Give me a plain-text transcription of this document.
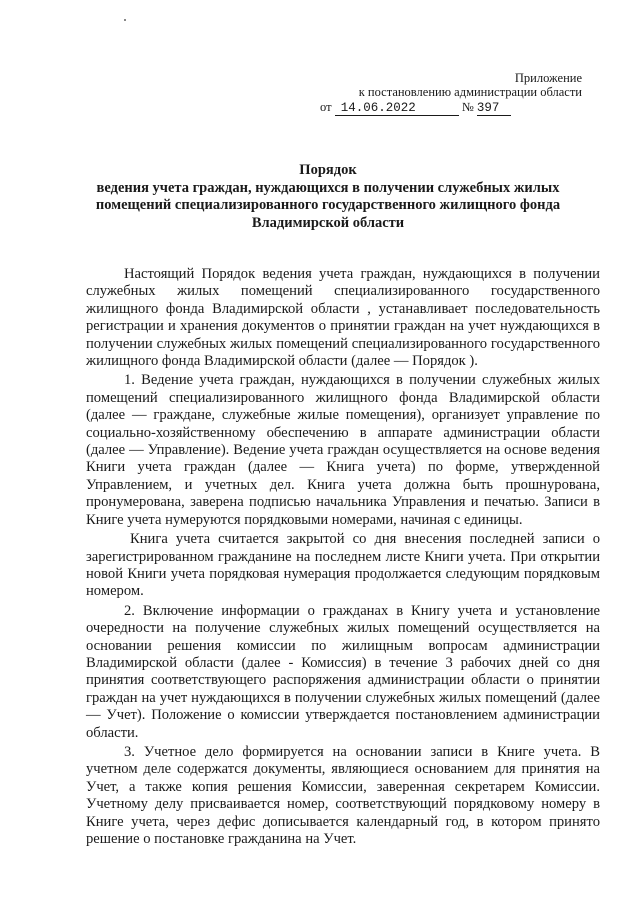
Приложение
к постановлению администрации области
от 14.06.2022	№ 397
Порядок
ведения учета граждан, нуждающихся в получении служебных жилых помещений специализированного государственного жилищного фонда Владимирской области

Настоящий Порядок ведения учета граждан, нуждающихся в получении служебных жилых помещений специализированного государственного жилищного фонда Владимирской области , устанавливает последовательность регистрации и хранения документов о принятии граждан на учет нуждающихся в получении служебных жилых помещений специализированного государственного жилищного фонда Владимирской области (далее — Порядок ).

1. Ведение учета граждан, нуждающихся в получении служебных жилых помещений специализированного жилищного фонда Владимирской области (далее — граждане, служебные жилые помещения), организует управление по социально-хозяйственному обеспечению в аппарате администрации области (далее — Управление). Ведение учета граждан осуществляется на основе ведения Книги учета граждан (далее — Книга учета) по форме, утвержденной Управлением, и учетных дел. Книга учета должна быть прошнурована, пронумерована, заверена подписью начальника Управления и печатью. Записи в Книге учета нумеруются порядковыми номерами, начиная с единицы.

Книга учета считается закрытой со дня внесения последней записи о зарегистрированном гражданине на последнем листе Книги учета. При открытии новой Книги учета порядковая нумерация продолжается следующим порядковым номером.

2. Включение информации о гражданах в Книгу учета и установление очередности на получение служебных жилых помещений осуществляется на основании решения комиссии по жилищным вопросам администрации Владимирской области (далее - Комиссия) в течение 3 рабочих дней со дня принятия соответствующего распоряжения администрации области о принятии граждан на учет нуждающихся в получении служебных жилых помещений (далее — Учет). Положение о комиссии утверждается постановлением администрации области.

3. Учетное дело формируется на основании записи в Книге учета. В учетном деле содержатся документы, являющиеся основанием для принятия на Учет, а также копия решения Комиссии, заверенная секретарем Комиссии. Учетному делу присваивается номер, соответствующий порядковому номеру в Книге учета, через дефис дописывается календарный год, в котором принято решение о постановке гражданина на Учет.
